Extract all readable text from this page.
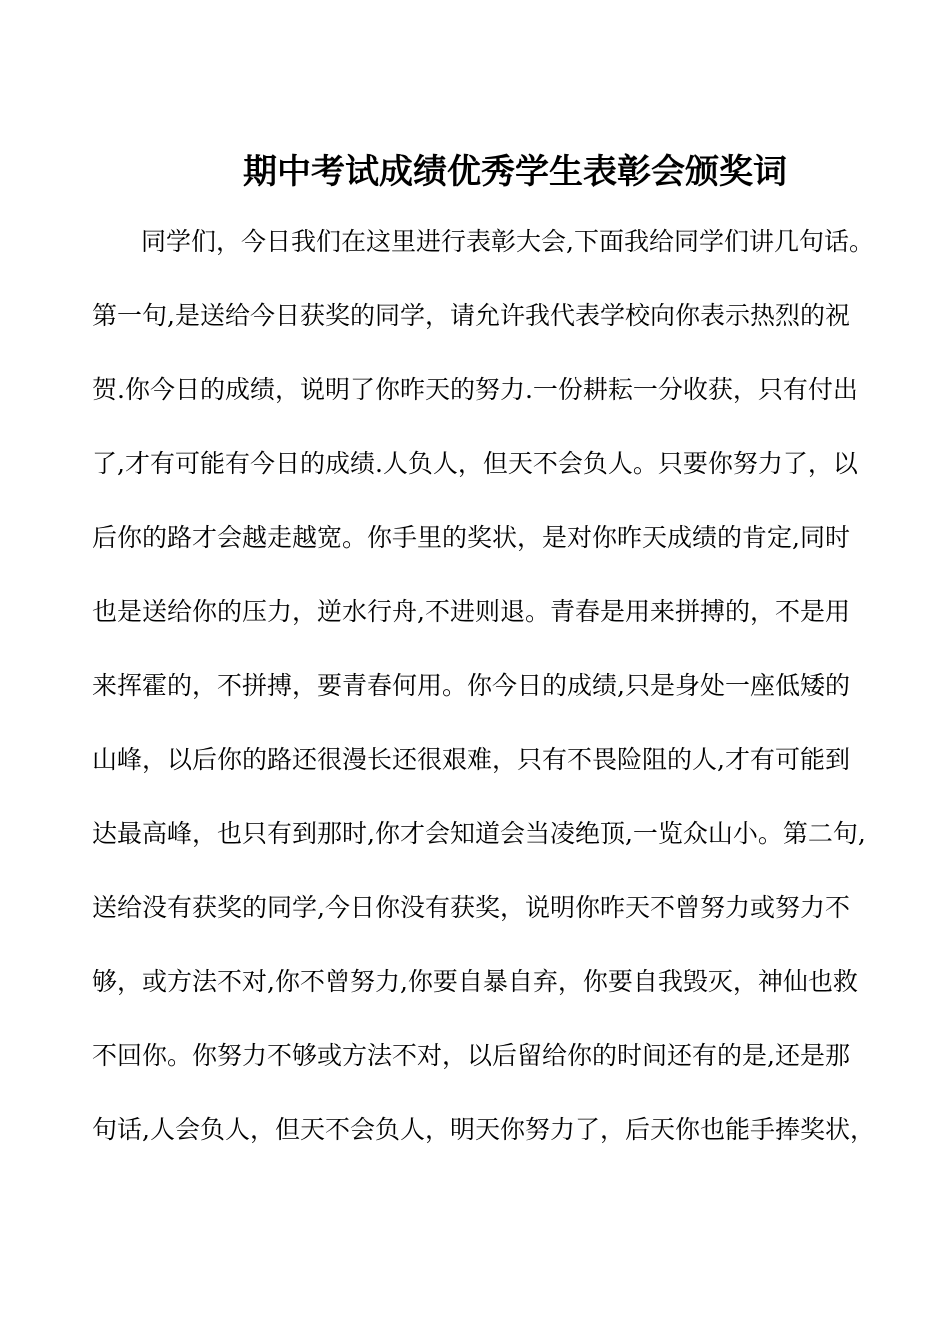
期中考试成绩优秀学生表彰会颁奖词
同学们，今日我们在这里进行表彰大会,下面我给同学们讲几句话。
第一句,是送给今日获奖的同学，请允许我代表学校向你表示热烈的祝
贺.你今日的成绩，说明了你昨天的努力.一份耕耘一分收获，只有付出
了,才有可能有今日的成绩.人负人，但天不会负人。只要你努力了，以
后你的路才会越走越宽。你手里的奖状，是对你昨天成绩的肯定,同时
也是送给你的压力，逆水行舟,不进则退。青春是用来拼搏的，不是用
来挥霍的，不拼搏，要青春何用。你今日的成绩,只是身处一座低矮的
山峰，以后你的路还很漫长还很艰难，只有不畏险阻的人,才有可能到
达最高峰，也只有到那时,你才会知道会当凌绝顶,一览众山小。第二句,
送给没有获奖的同学,今日你没有获奖，说明你昨天不曾努力或努力不
够，或方法不对,你不曾努力,你要自暴自弃，你要自我毁灭，神仙也救
不回你。你努力不够或方法不对，以后留给你的时间还有的是,还是那
句话,人会负人，但天不会负人，明天你努力了，后天你也能手捧奖状，
